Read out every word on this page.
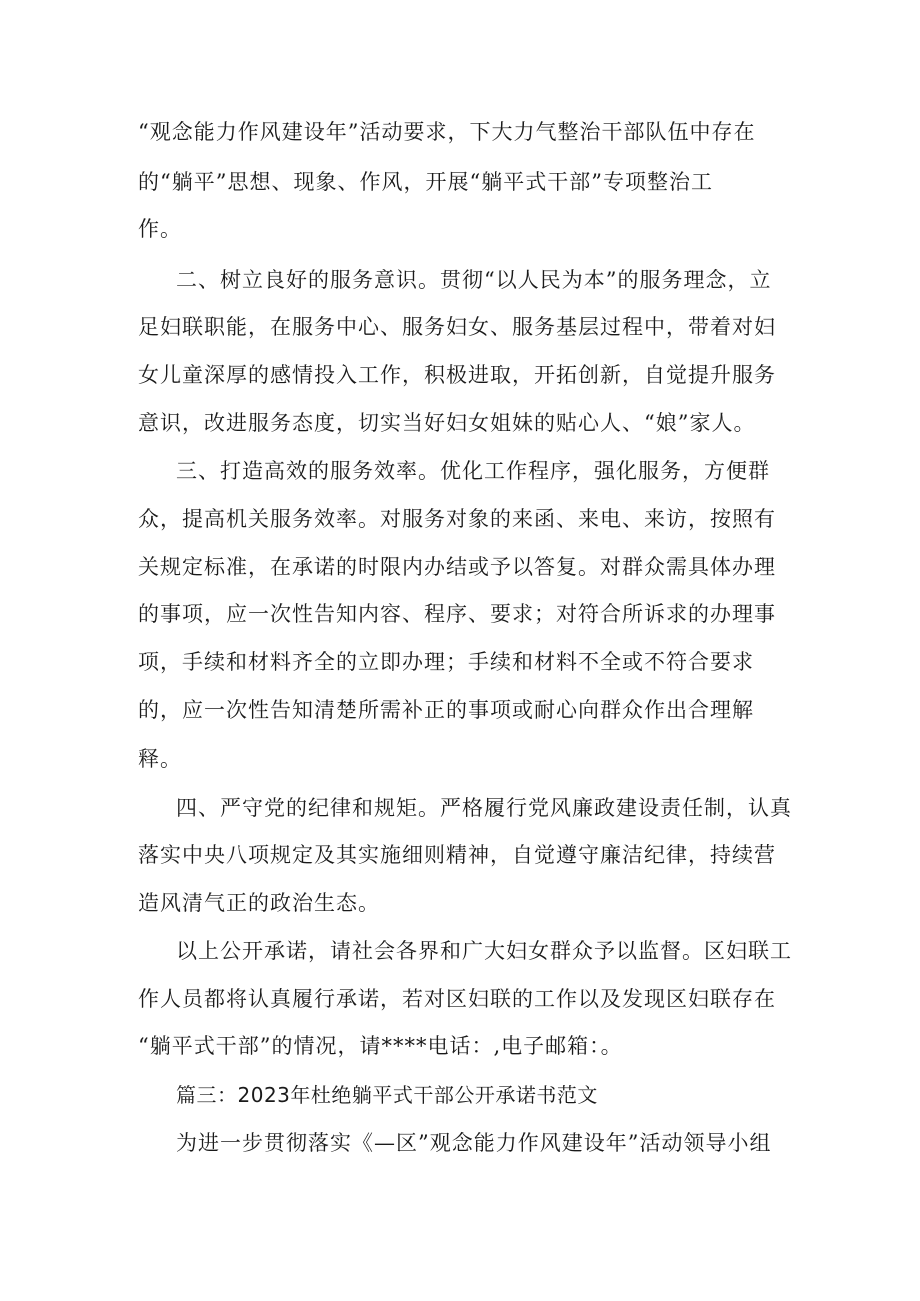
“观念能力作风建设年”活动要求，下大力气整治干部队伍中存在
的“躺平”思想、现象、作风，开展“躺平式干部”专项整治工
作。
二、树立良好的服务意识。贯彻“以人民为本”的服务理念，立
足妇联职能，在服务中心、服务妇女、服务基层过程中，带着对妇
女儿童深厚的感情投入工作，积极进取，开拓创新，自觉提升服务
意识，改进服务态度，切实当好妇女姐妹的贴心人、“娘”家人。
三、打造高效的服务效率。优化工作程序，强化服务，方便群
众，提高机关服务效率。对服务对象的来函、来电、来访，按照有
关规定标准，在承诺的时限内办结或予以答复。对群众需具体办理
的事项，应一次性告知内容、程序、要求；对符合所诉求的办理事
项，手续和材料齐全的立即办理；手续和材料不全或不符合要求
的，应一次性告知清楚所需补正的事项或耐心向群众作出合理解
释。
四、严守党的纪律和规矩。严格履行党风廉政建设责任制，认真
落实中央八项规定及其实施细则精神，自觉遵守廉洁纪律，持续营
造风清气正的政治生态。
以上公开承诺，请社会各界和广大妇女群众予以监督。区妇联工
作人员都将认真履行承诺，若对区妇联的工作以及发现区妇联存在
“躺平式干部”的情况，请****电话：,电子邮箱：。
篇三：2023年杜绝躺平式干部公开承诺书范文
为进一步贯彻落实《—区”观念能力作风建设年”活动领导小组
